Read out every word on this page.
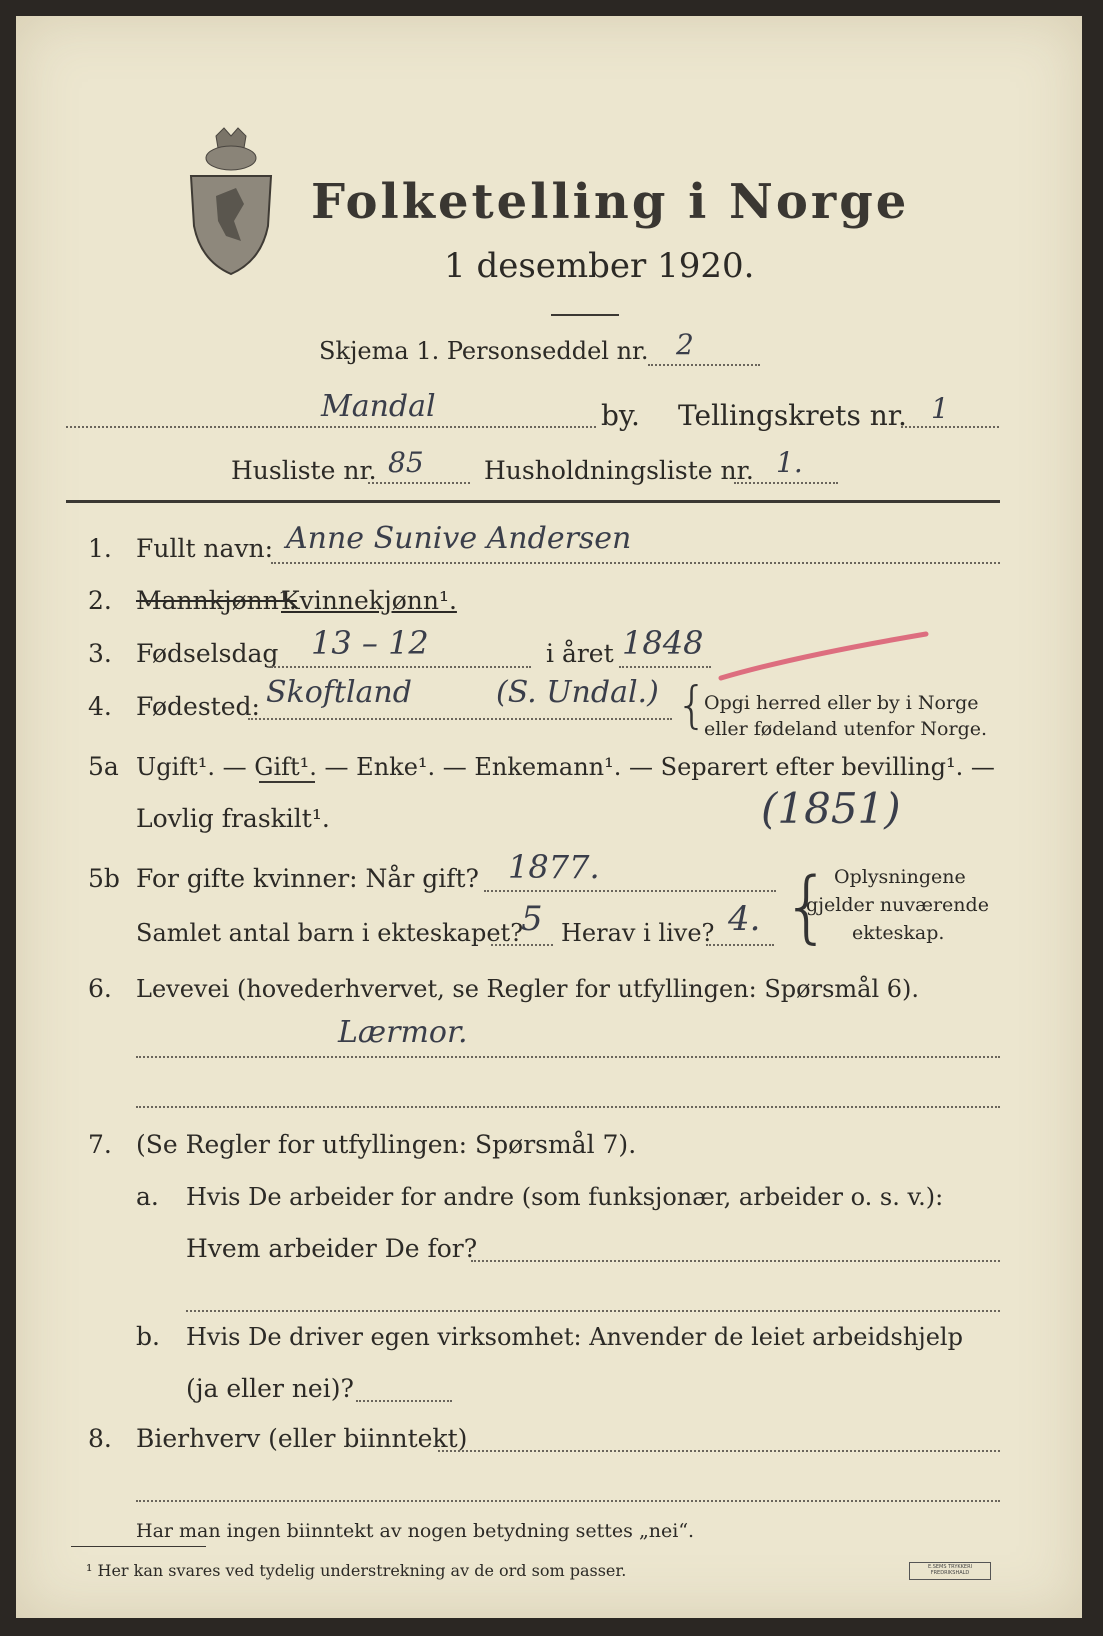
Folketelling i Norge
1 desember 1920.
Skjema 1. Personseddel nr. 2
Mandal	by. Tellingskrets nr. 1
Husliste nr. 85 Husholdningsliste nr. 1.
1. Fullt navn: Anne Sunive Andersen
2. Mannkjønn¹.
Kvinnekjønn¹.
3. Fødselsdag 13 – 12	i året 1848
4. Fødested: Skoftland	(S. Undal.) {
Opgi herred eller by i Norge
eller fødeland utenfor Norge.
5a Ugift¹. — Gift¹. — Enke¹. — Enkemann¹. — Separert efter bevilling¹. —
Lovlig fraskilt¹.	(1851)
5b For gifte kvinner: Når gift? 1877.
Samlet antal barn i ekteskapet?
5 Herav i live? 4. { Oplysningene
gjelder nuværende
ekteskap.
6. Levevei (hovederhvervet, se Regler for utfyllingen: Spørsmål 6).
Lærmor.
7. (Se Regler for utfyllingen: Spørsmål 7).
a. Hvis De arbeider for andre (som funksjonær, arbeider o. s. v.):
Hvem arbeider De for?
b. Hvis De driver egen virksomhet: Anvender de leiet arbeidshjelp
(ja eller nei)?
8. Bierhverv (eller biinntekt)
Har man ingen biinntekt av nogen betydning settes „nei“.
¹ Her kan svares ved tydelig understrekning av de ord som passer.	E.SEMS TRYKKERI FREDRIKSHALD
